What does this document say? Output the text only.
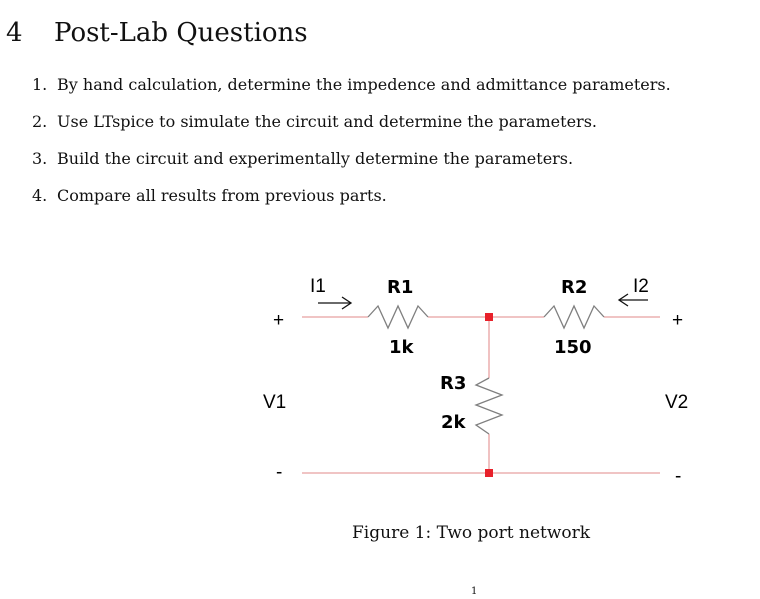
4 Post-Lab Questions
1. By hand calculation, determine the impedence and admittance parameters.
2. Use LTspice to simulate the circuit and determine the parameters.
3. Build the circuit and experimentally determine the parameters.
4. Compare all results from previous parts.
I1	I2
R1
1k
R2
150
R3
2k
V1	V2
+	+
-	-
Figure 1: Two port network
1
